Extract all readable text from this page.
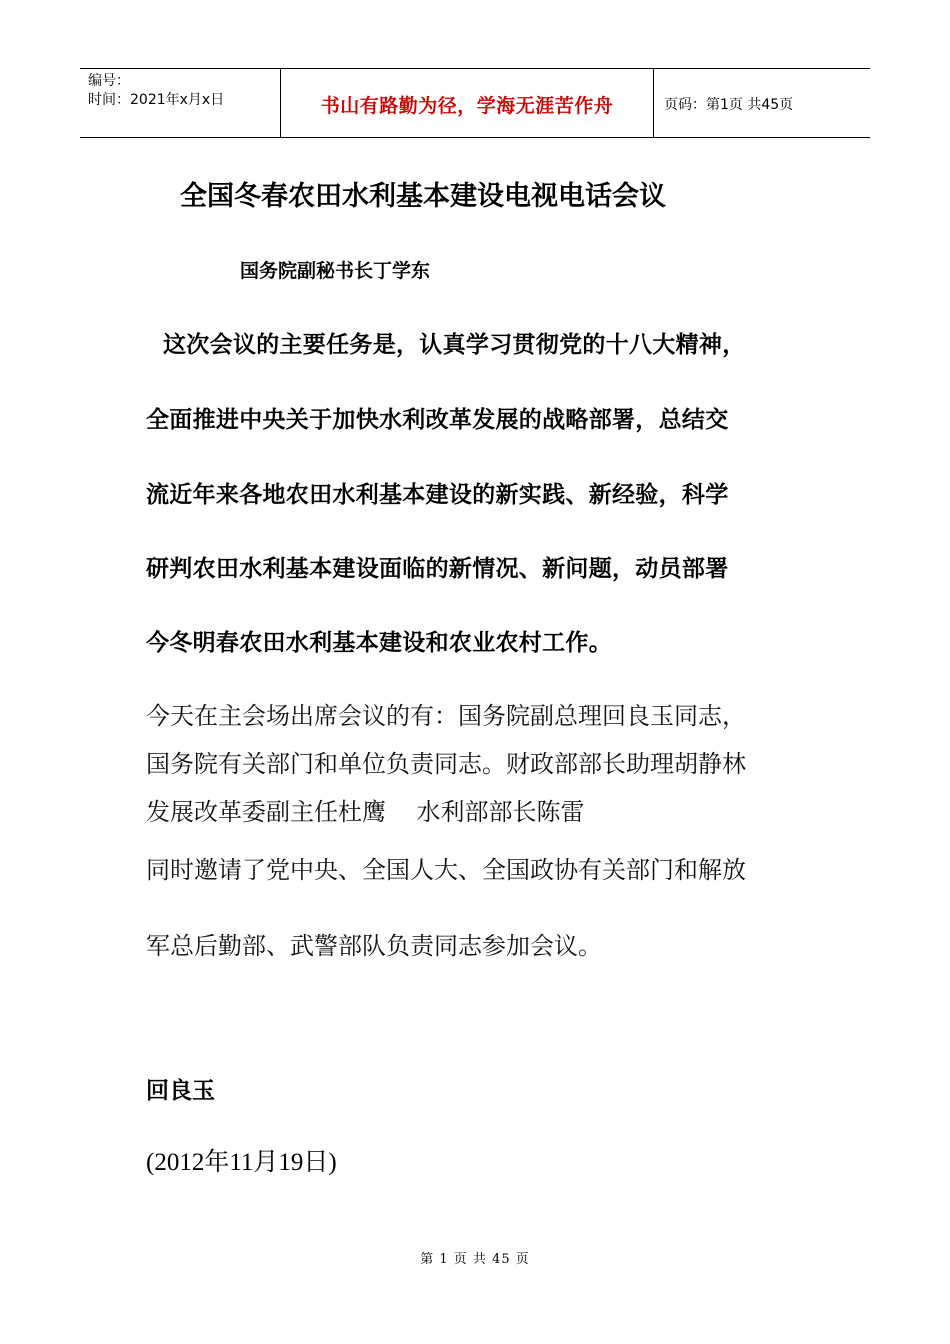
编号：
时间：2021年x月x日	书山有路勤为径，学海无涯苦作舟	页码：第1页 共45页
全国冬春农田水利基本建设电视电话会议
国务院副秘书长丁学东
这次会议的主要任务是，认真学习贯彻党的十八大精神，
全面推进中央关于加快水利改革发展的战略部署，总结交
流近年来各地农田水利基本建设的新实践、新经验，科学
研判农田水利基本建设面临的新情况、新问题，动员部署
今冬明春农田水利基本建设和农业农村工作。
今天在主会场出席会议的有：国务院副总理回良玉同志，
国务院有关部门和单位负责同志。财政部部长助理胡静林
发展改革委副主任杜鹰    水利部部长陈雷
同时邀请了党中央、全国人大、全国政协有关部门和解放
军总后勤部、武警部队负责同志参加会议。
回良玉
(2012年11月19日)
第 1 页 共 45 页
